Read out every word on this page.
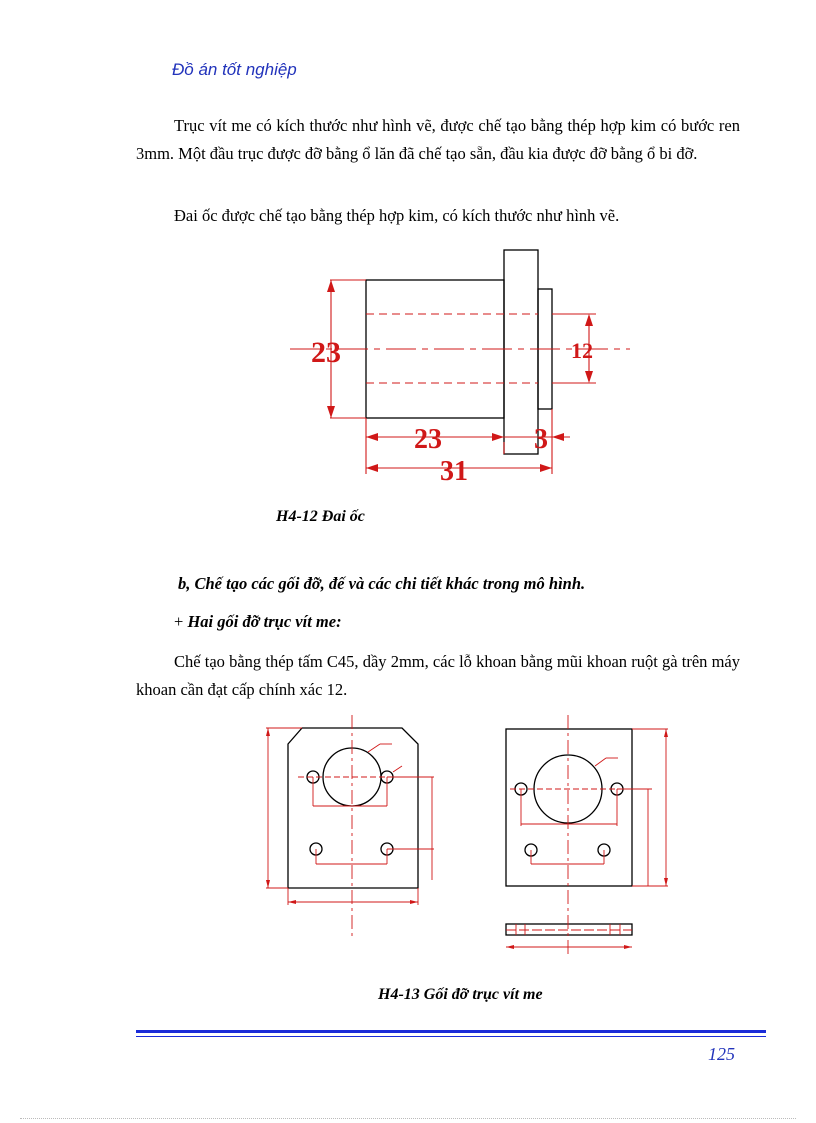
Đồ án tốt nghiệp
Trục vít me có kích thước như hình vẽ, được chế tạo bằng thép hợp kim có bước ren 3mm. Một đầu trục được đỡ bằng ổ lăn đã chế tạo sẵn, đầu kia được đỡ bằng ổ bi đỡ.
Đai ốc được chế tạo bằng thép hợp kim, có kích thước như hình vẽ.
23	12
23	3
31
H4-12 Đai ốc
b, Chế tạo các gối đỡ, đế và các chi tiết khác trong mô hình.
+ Hai gối đỡ trục vít me:
Chế tạo bằng thép tấm C45, dầy 2mm, các lỗ khoan bằng mũi khoan ruột gà trên máy khoan cần đạt cấp chính xác 12.
H4-13 Gối đỡ trục vít me
125
